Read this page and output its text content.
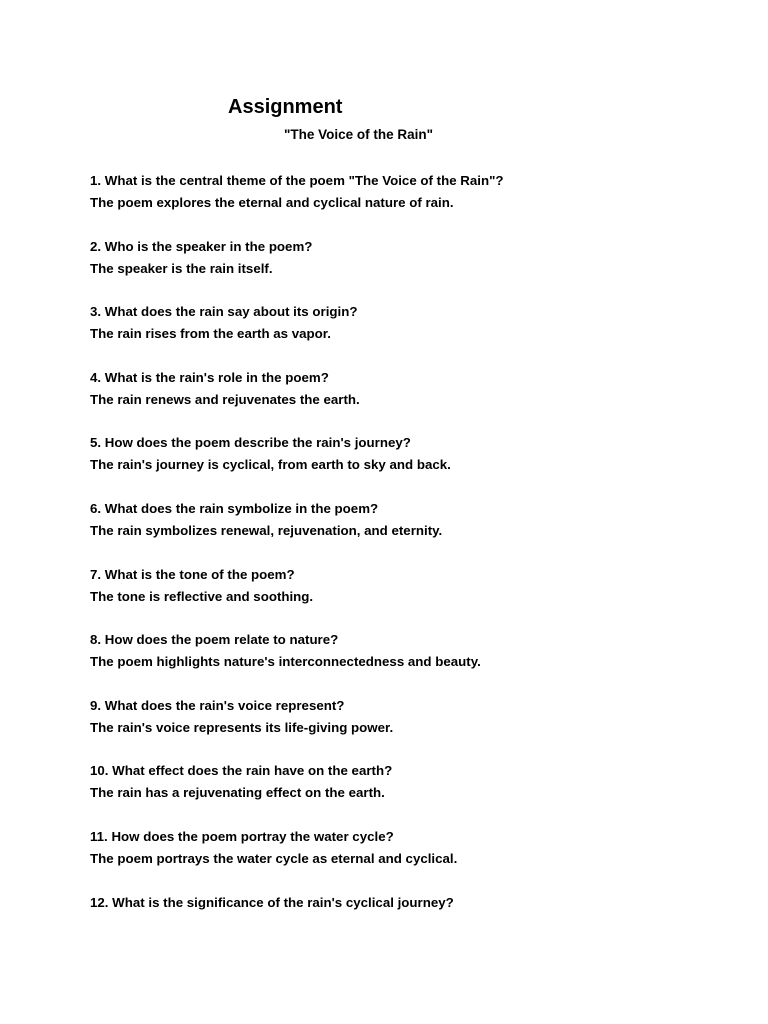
Assignment
"The Voice of the Rain"
1. What is the central theme of the poem "The Voice of the Rain"?
The poem explores the eternal and cyclical nature of rain.
2. Who is the speaker in the poem?
The speaker is the rain itself.
3. What does the rain say about its origin?
The rain rises from the earth as vapor.
4. What is the rain's role in the poem?
The rain renews and rejuvenates the earth.
5. How does the poem describe the rain's journey?
The rain's journey is cyclical, from earth to sky and back.
6. What does the rain symbolize in the poem?
The rain symbolizes renewal, rejuvenation, and eternity.
7. What is the tone of the poem?
The tone is reflective and soothing.
8. How does the poem relate to nature?
The poem highlights nature's interconnectedness and beauty.
9. What does the rain's voice represent?
The rain's voice represents its life-giving power.
10. What effect does the rain have on the earth?
The rain has a rejuvenating effect on the earth.
11. How does the poem portray the water cycle?
The poem portrays the water cycle as eternal and cyclical.
12. What is the significance of the rain's cyclical journey?
